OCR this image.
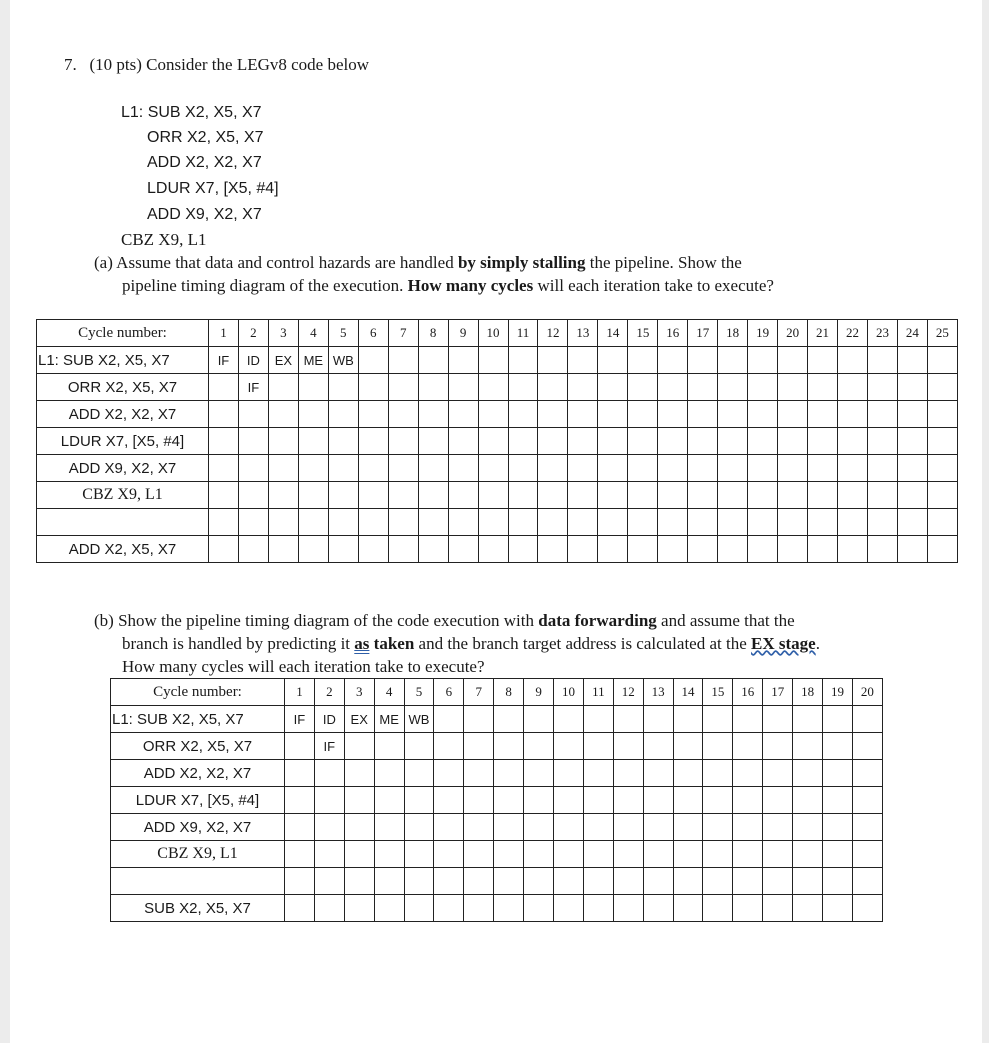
7. (10 pts) Consider the LEGv8 code below
L1: SUB X2, X5, X7
ORR X2, X5, X7
ADD X2, X2, X7
LDUR X7, [X5, #4]
ADD X9, X2, X7
CBZ X9, L1
(a) Assume that data and control hazards are handled by simply stalling the pipeline. Show the
pipeline timing diagram of the execution. How many cycles will each iteration take to execute?
Cycle number:	1	2	3	4	5	6	7	8	9	10	11	12	13	14	15	16	17	18	19	20	21	22	23	24	25
L1: SUB X2, X5, X7	IF	ID	EX	ME	WB																				
ORR X2, X5, X7		IF																							
ADD X2, X2, X7																									
LDUR X7, [X5, #4]																									
ADD X9, X2, X7																									
CBZ X9, L1																									

ADD X2, X5, X7																									
(b) Show the pipeline timing diagram of the code execution with data forwarding and assume that the
branch is handled by predicting it as taken and the branch target address is calculated at the EX stage.
How many cycles will each iteration take to execute?
Cycle number:	1	2	3	4	5	6	7	8	9	10	11	12	13	14	15	16	17	18	19	20
L1: SUB X2, X5, X7	IF	ID	EX	ME	WB															
ORR X2, X5, X7		IF																		
ADD X2, X2, X7																				
LDUR X7, [X5, #4]																				
ADD X9, X2, X7																				
CBZ X9, L1																				

SUB X2, X5, X7																				
